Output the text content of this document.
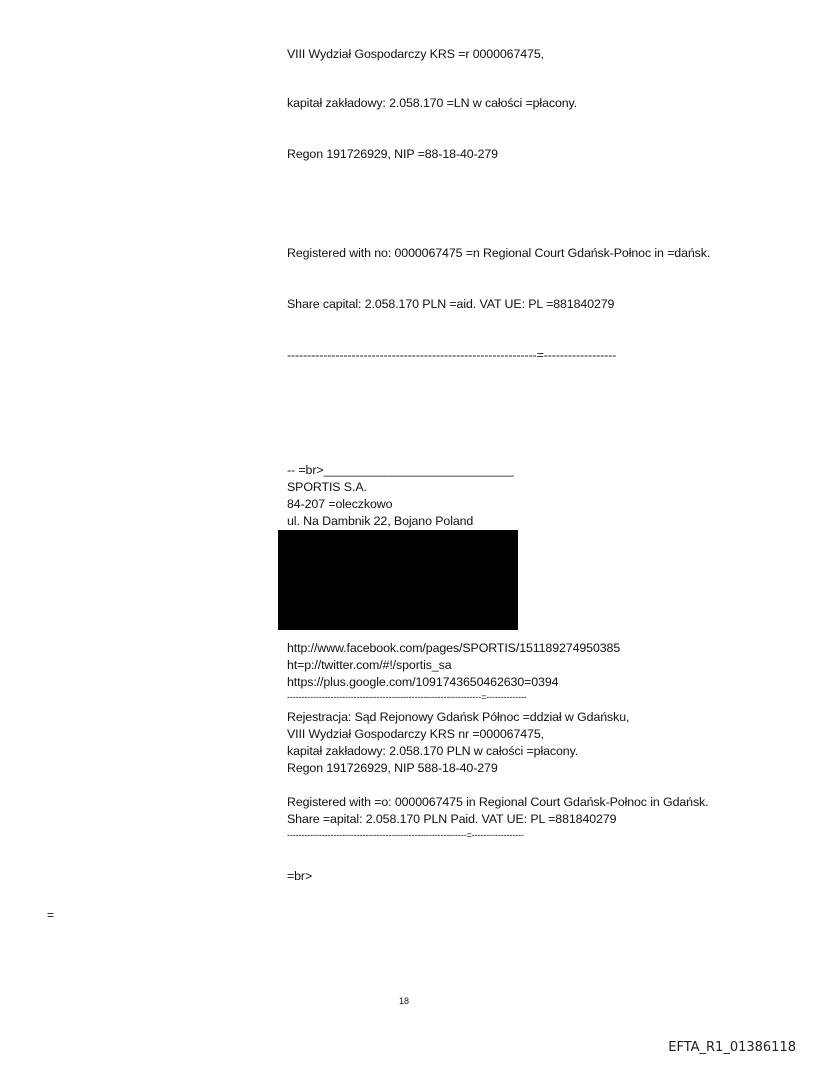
VIII Wydział Gospodarczy KRS =r 0000067475,
kapitał zakładowy: 2.058.170 =LN w całości =płacony.
Regon 191726929, NIP =88-18-40-279
Registered with no: 0000067475 =n Regional Court Gdańsk-Połnoc in =dańsk.
Share capital: 2.058.170 PLN =aid. VAT UE: PL =881840279
--------------------------------------------------------------=------------------
-- =br>____________________________
SPORTIS S.A.
84-207 =oleczkowo
ul. Na Dambnik 22, Bojano Poland
http://www.facebook.com/pages/SPORTIS/151189274950385
ht=p://twitter.com/#!/sportis_sa
https://plus.google.com/1091743650462630=0394
-------------------------------------------------------------------=--------------
Rejestracja: Sąd Rejonowy Gdańsk Północ =ddział w Gdańsku,
VIII Wydział Gospodarczy KRS nr =000067475,
kapitał zakładowy: 2.058.170 PLN w całości =płacony.
Regon 191726929, NIP 588-18-40-279
Registered with =o: 0000067475 in Regional Court Gdańsk-Połnoc in Gdańsk.
Share =apital: 2.058.170 PLN Paid. VAT UE: PL =881840279
--------------------------------------------------------------=------------------
=br>
=
18
EFTA_R1_01386118
